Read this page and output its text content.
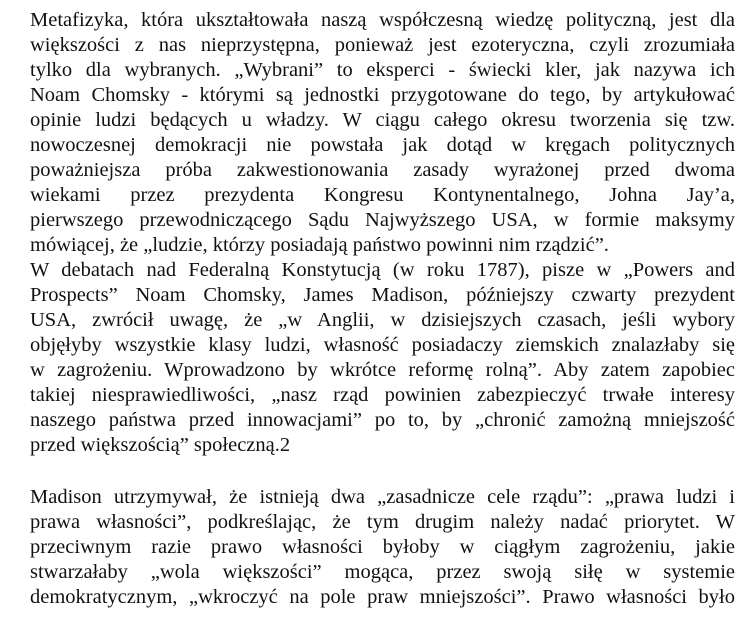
Metafizyka, która ukształtowała naszą współczesną wiedzę polityczną, jest dla
większości z nas nieprzystępna, ponieważ jest ezoteryczna, czyli zrozumiała
tylko dla wybranych. „Wybrani” to eksperci - świecki kler, jak nazywa ich
Noam Chomsky - którymi są jednostki przygotowane do tego, by artykułować
opinie ludzi będących u władzy. W ciągu całego okresu tworzenia się tzw.
nowoczesnej demokracji nie powstała jak dotąd w kręgach politycznych
poważniejsza próba zakwestionowania zasady wyrażonej przed dwoma
wiekami przez prezydenta Kongresu Kontynentalnego, Johna Jay’a,
pierwszego przewodniczącego Sądu Najwyższego USA, w formie maksymy
mówiącej, że „ludzie, którzy posiadają państwo powinni nim rządzić”.
W debatach nad Federalną Konstytucją (w roku 1787), pisze w „Powers and
Prospects” Noam Chomsky, James Madison, późniejszy czwarty prezydent
USA, zwrócił uwagę, że „w Anglii, w dzisiejszych czasach, jeśli wybory
objęłyby wszystkie klasy ludzi, własność posiadaczy ziemskich znalazłaby się
w zagrożeniu. Wprowadzono by wkrótce reformę rolną”. Aby zatem zapobiec
takiej niesprawiedliwości, „nasz rząd powinien zabezpieczyć trwałe interesy
naszego państwa przed innowacjami” po to, by „chronić zamożną mniejszość
przed większością” społeczną.2
Madison utrzymywał, że istnieją dwa „zasadnicze cele rządu”: „prawa ludzi i
prawa własności”, podkreślając, że tym drugim należy nadać priorytet. W
przeciwnym razie prawo własności byłoby w ciągłym zagrożeniu, jakie
stwarzałaby „wola większości” mogąca, przez swoją siłę w systemie
demokratycznym, „wkroczyć na pole praw mniejszości”. Prawo własności było
